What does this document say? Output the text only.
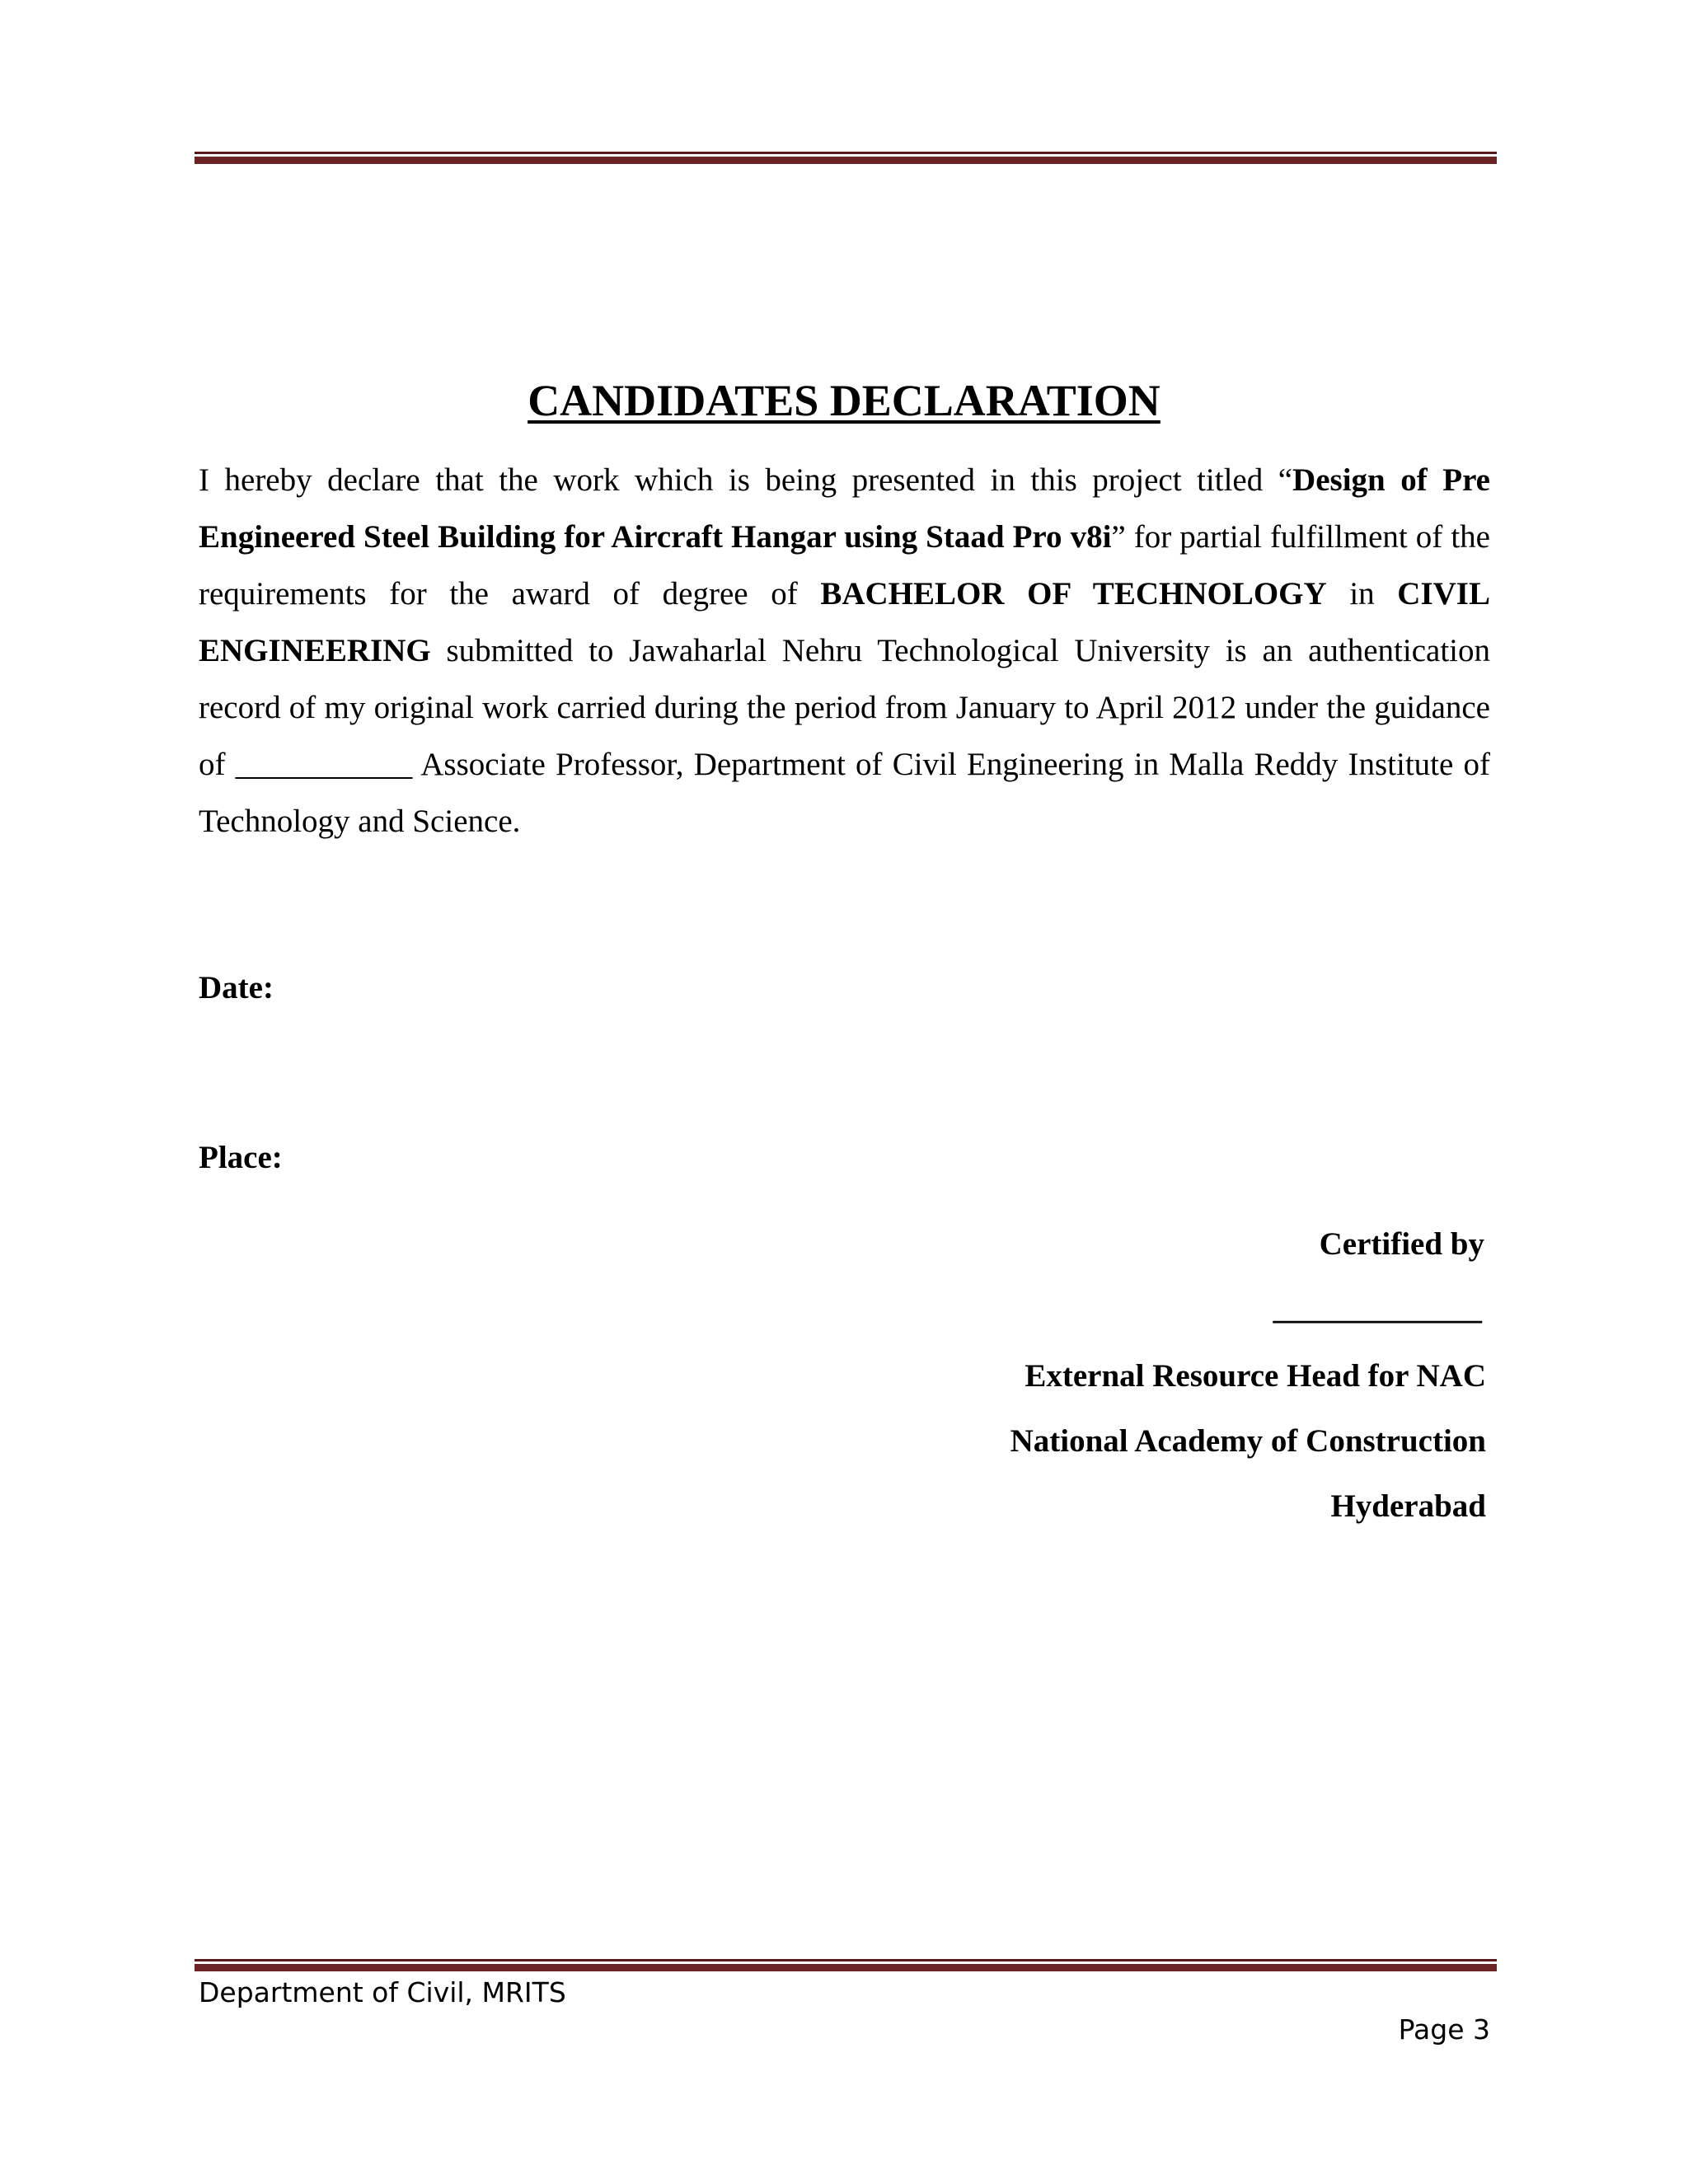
CANDIDATES DECLARATION

I hereby declare that the work which is being presented in this project titled “Design of Pre Engineered Steel Building for Aircraft Hangar using Staad Pro v8i” for partial fulfillment of the requirements for the award of degree of BACHELOR OF TECHNOLOGY in CIVIL ENGINEERING submitted to Jawaharlal Nehru Technological University is an authentication record of my original work carried during the period from January to April 2012 under the guidance of ___________ Associate Professor, Department of Civil Engineering in Malla Reddy Institute of Technology and Science.

Date:

Place:

Certified by

_____________

External Resource Head for NAC

National Academy of Construction

Hyderabad

Department of Civil, MRITS

Page 3
